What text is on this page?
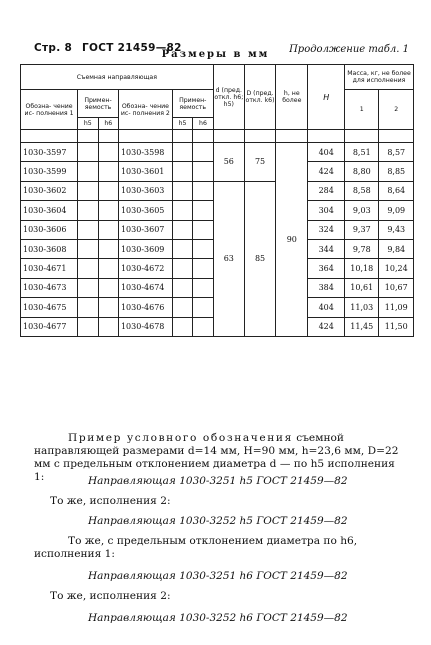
Стр. 8 ГОСТ 21459—82	Продолжение табл. 1
Размеры в мм
Съемная направляющая						d (пред. откл. h6; h5)	D (пред. откл. k6)	h, не более	H	Масса, кг, не более для исполнения	
Обозна- чение ис- полнения 1	Примен- яемость		Обозна- чение ис- полнения 2	Примен- яемость						1	2
	h5	h6		h5	h6						

1030-3597			1030-3598			56	75	90	404	8,51	8,57
1030-3599			1030-3601						424	8,80	8,85
1030-3602			1030-3603			63	85		284	8,58	8,64
1030-3604			1030-3605						304	9,03	9,09
1030-3606			1030-3607						324	9,37	9,43
1030-3608			1030-3609						344	9,78	9,84
1030-4671			1030-4672						364	10,18	10,24
1030-4673			1030-4674						384	10,61	10,67
1030-4675			1030-4676						404	11,03	11,09
1030-4677			1030-4678						424	11,45	11,50
Пример условного обозначения съемной направляющей размерами d=14 мм, H=90 мм, h=23,6 мм, D=22 мм с предельным отклонением диаметра d — по h5 исполнения 1:	Направляющая 1030-3251 h5 ГОСТ 21459—82
То же, исполнения 2:
Направляющая 1030-3252 h5 ГОСТ 21459—82
То же, с предельным отклонением диаметра по h6, исполнения 1:
Направляющая 1030-3251 h6 ГОСТ 21459—82
То же, исполнения 2:
Направляющая 1030-3252 h6 ГОСТ 21459—82
